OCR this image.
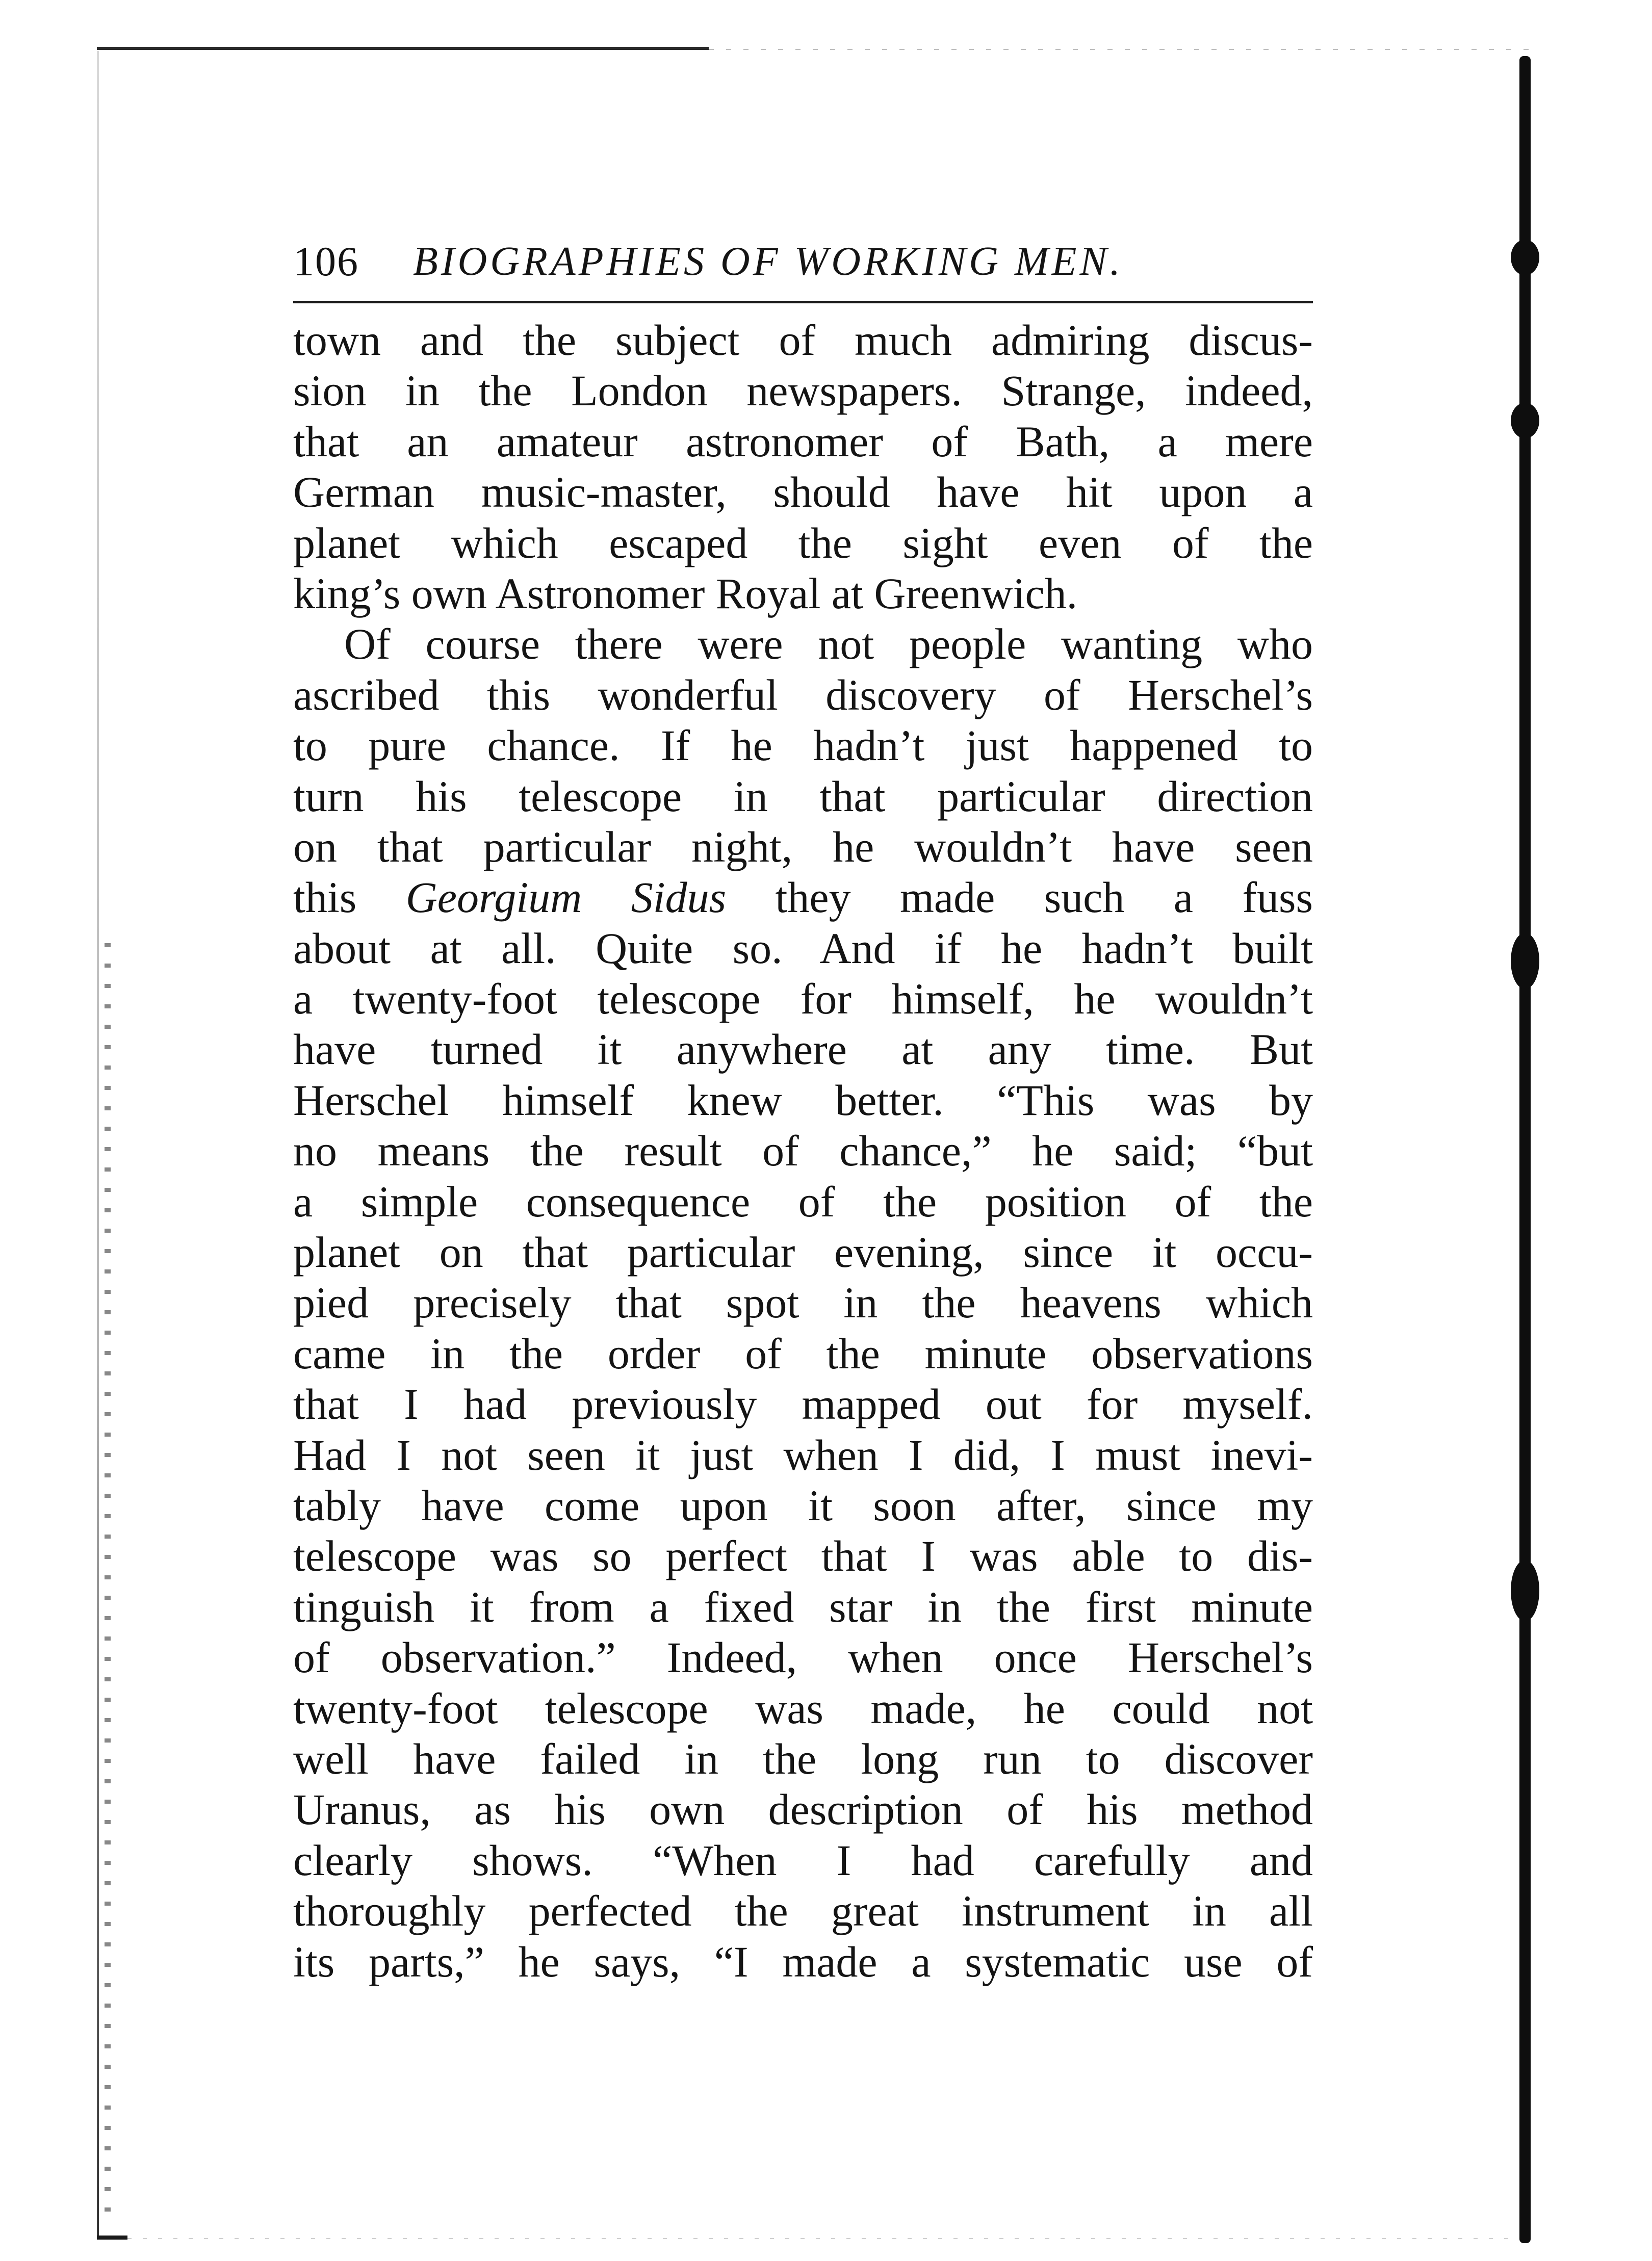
106 BIOGRAPHIES OF WORKING MEN.
town and the subject of much admiring discus-
sion in the London newspapers. Strange, indeed,
that an amateur astronomer of Bath, a mere
German music-master, should have hit upon a
planet which escaped the sight even of the
king’s own Astronomer Royal at Greenwich.
Of course there were not people wanting who
ascribed this wonderful discovery of Herschel’s
to pure chance. If he hadn’t just happened to
turn his telescope in that particular direction
on that particular night, he wouldn’t have seen
this Georgium Sidus they made such a fuss
about at all. Quite so. And if he hadn’t built
a twenty-foot telescope for himself, he wouldn’t
have turned it anywhere at any time. But
Herschel himself knew better. “This was by
no means the result of chance,” he said; “but
a simple consequence of the position of the
planet on that particular evening, since it occu-
pied precisely that spot in the heavens which
came in the order of the minute observations
that I had previously mapped out for myself.
Had I not seen it just when I did, I must inevi-
tably have come upon it soon after, since my
telescope was so perfect that I was able to dis-
tinguish it from a fixed star in the first minute
of observation.” Indeed, when once Herschel’s
twenty-foot telescope was made, he could not
well have failed in the long run to discover
Uranus, as his own description of his method
clearly shows. “When I had carefully and
thoroughly perfected the great instrument in all
its parts,” he says, “I made a systematic use of
